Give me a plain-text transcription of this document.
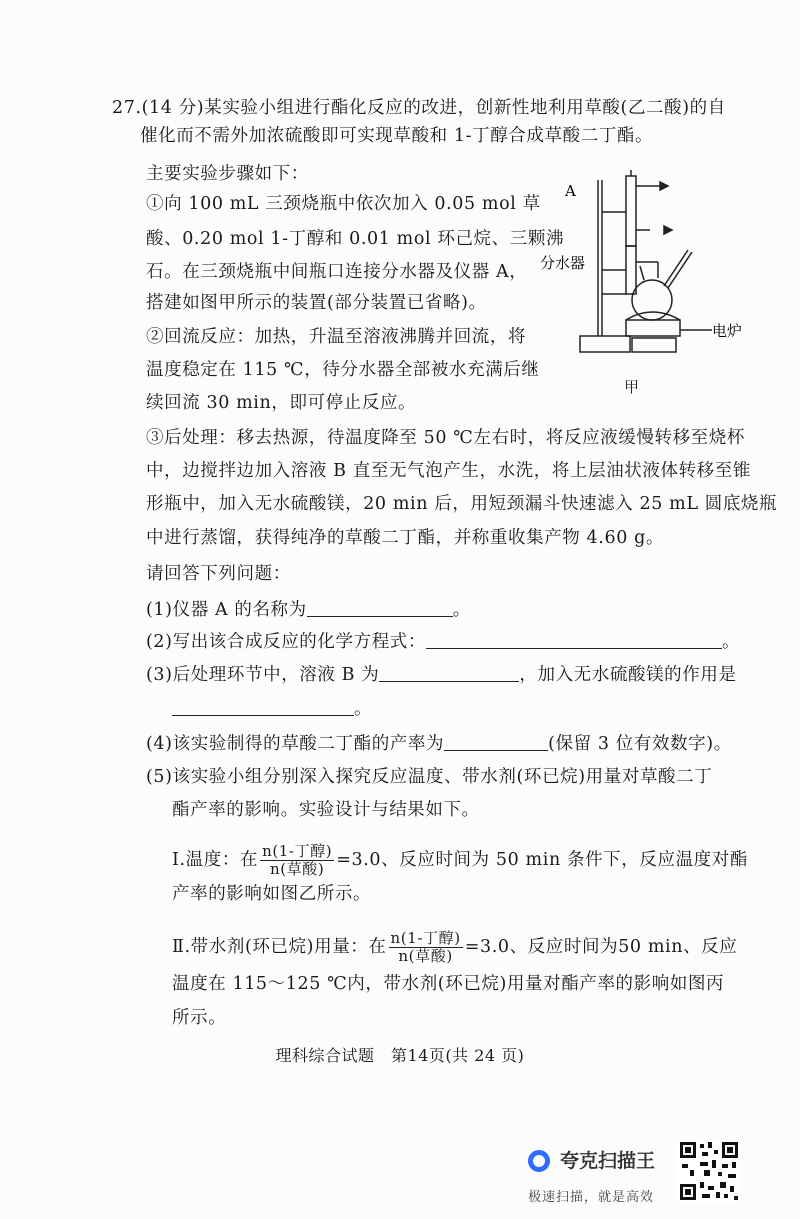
27.(14 分)某实验小组进行酯化反应的改进，创新性地利用草酸(乙二酸)的自
催化而不需外加浓硫酸即可实现草酸和 1-丁醇合成草酸二丁酯。
主要实验步骤如下：
①向 100 mL 三颈烧瓶中依次加入 0.05 mol 草
酸、0.20 mol 1-丁醇和 0.01 mol 环己烷、三颗沸
石。在三颈烧瓶中间瓶口连接分水器及仪器 A，
搭建如图甲所示的装置(部分装置已省略)。
②回流反应：加热，升温至溶液沸腾并回流，将
温度稳定在 115 ℃，待分水器全部被水充满后继
续回流 30 min，即可停止反应。
③后处理：移去热源，待温度降至 50 ℃左右时，将反应液缓慢转移至烧杯
中，边搅拌边加入溶液 B 直至无气泡产生，水洗，将上层油状液体转移至锥
形瓶中，加入无水硫酸镁，20 min 后，用短颈漏斗快速滤入 25 mL 圆底烧瓶
中进行蒸馏，获得纯净的草酸二丁酯，并称重收集产物 4.60 g。
请回答下列问题：
A
分水器
电炉
甲
(1)仪器 A 的名称为	。
(2)写出该合成反应的化学方程式：	。
(3)后处理环节中，溶液 B 为	，加入无水硫酸镁的作用是
。
(4)该实验制得的草酸二丁酯的产率为	(保留 3 位有效数字)。
(5)该实验小组分别深入探究反应温度、带水剂(环已烷)用量对草酸二丁
酯产率的影响。实验设计与结果如下。
Ⅰ.温度：在 $\frac{\text{n(1-丁醇)}}{\text{n(草酸)}} =3.0$、反应时间为 50 min 条件下，反应温度对酯
产率的影响如图乙所示。
Ⅱ.带水剂(环已烷)用量：在 $\frac{\text{n(1-丁醇)}}{\text{n(草酸)}} =3.0$、反应时间为50 min、反应
温度在 115～125 ℃内，带水剂(环已烷)用量对酯产率的影响如图丙
所示。
理科综合试题　第14页(共 24 页)
夸克扫描王
极速扫描，就是高效
